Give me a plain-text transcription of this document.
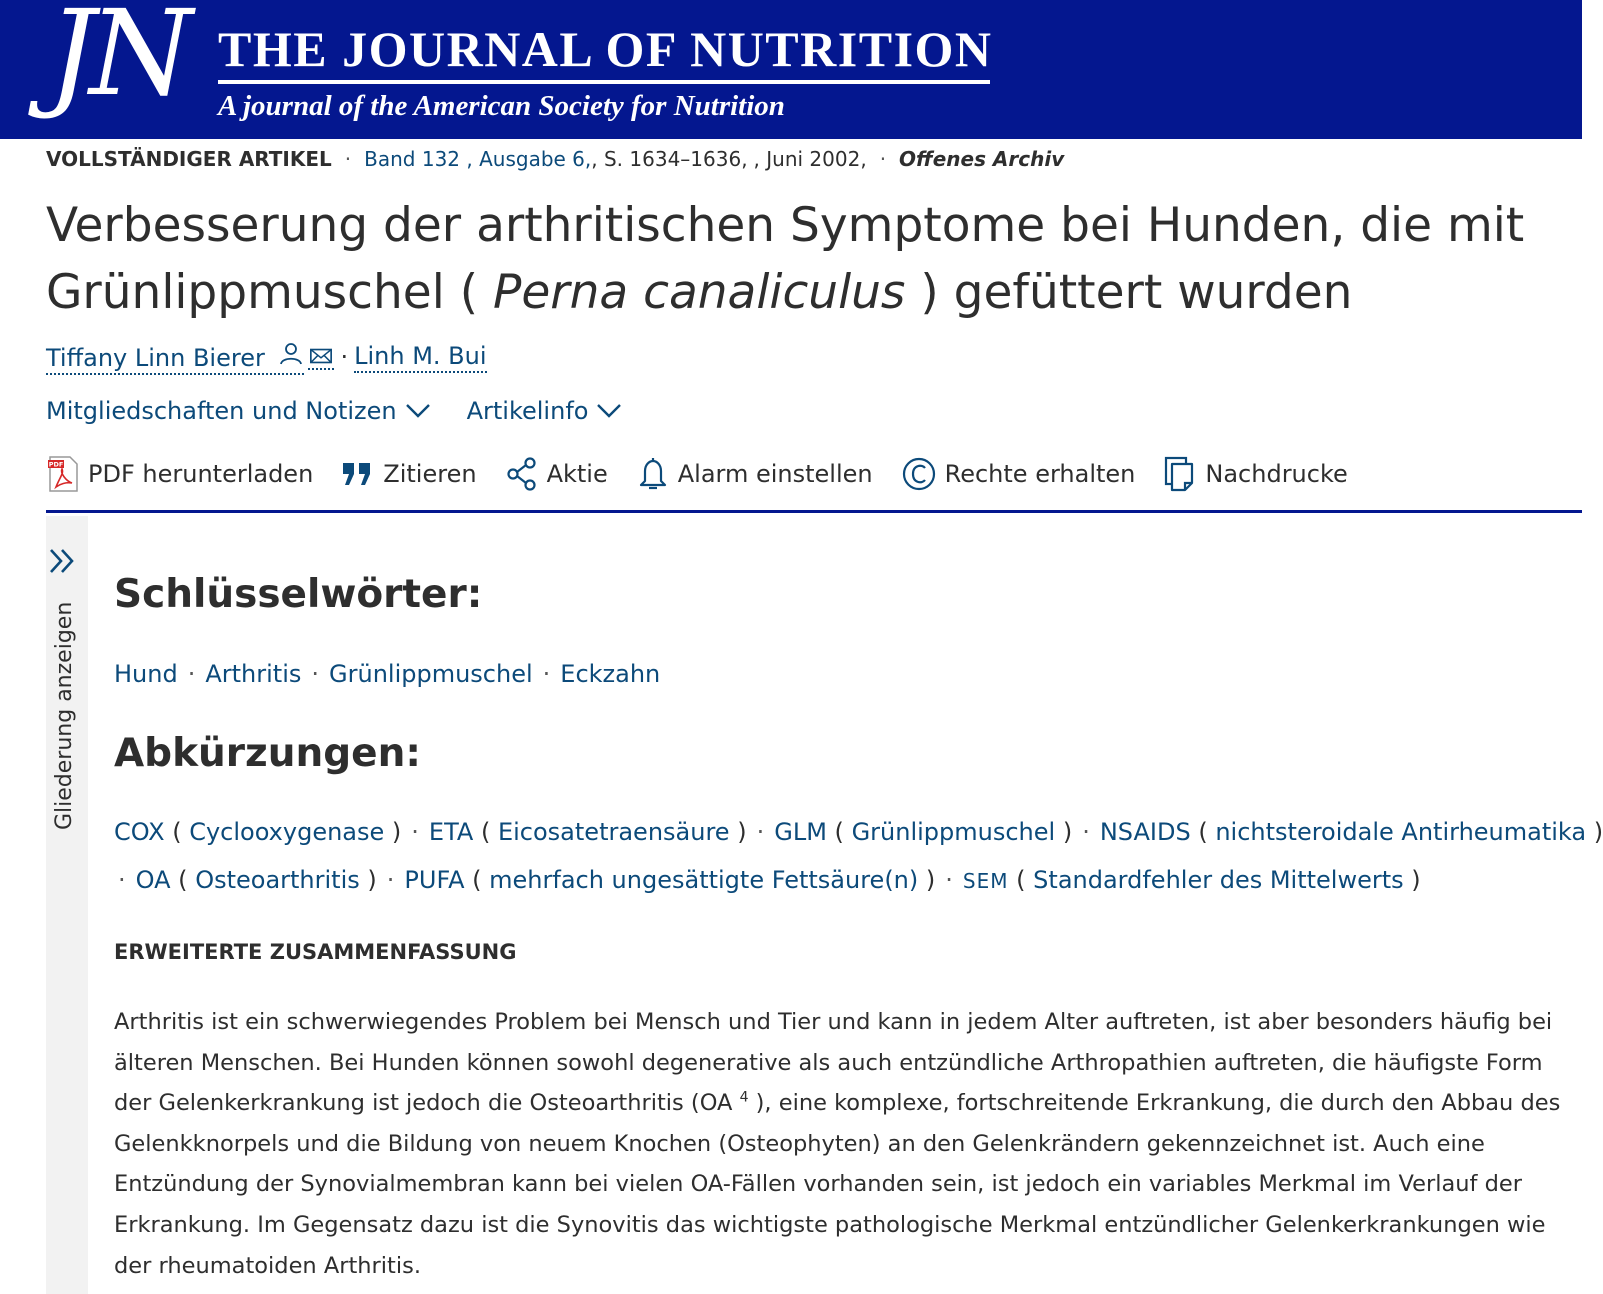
JN THE JOURNAL OF NUTRITION
A journal of the American Society for Nutrition
VOLLSTÄNDIGER ARTIKEL · Band 132 , Ausgabe 6, , S. 1634–1636, , Juni 2002, · Offenes Archiv
Verbesserung der arthritischen Symptome bei Hunden, die mit Grünlippmuschel ( Perna canaliculus ) gefüttert wurden
Tiffany Linn Bierer	· Linh M. Bui
Mitgliedschaften und Notizen	Artikelinfo
PDF PDF herunterladen	Zitieren	Aktie	Alarm einstellen	Rechte erhalten	Nachdrucke
Gliederung anzeigen
Schlüsselwörter:
Hund · Arthritis · Grünlippmuschel · Eckzahn
Abkürzungen:
COX ( Cyclooxygenase ) · ETA ( Eicosatetraensäure ) · GLM ( Grünlippmuschel ) · NSAIDS ( nichtsteroidale Antirheumatika )
· OA ( Osteoarthritis ) · PUFA ( mehrfach ungesättigte Fettsäure(n) ) · SEM ( Standardfehler des Mittelwerts )
ERWEITERTE ZUSAMMENFASSUNG

Arthritis ist ein schwerwiegendes Problem bei Mensch und Tier und kann in jedem Alter auftreten, ist aber besonders häufig bei älteren Menschen. Bei Hunden können sowohl degenerative als auch entzündliche Arthropathien auftreten, die häufigste Form der Gelenkerkrankung ist jedoch die Osteoarthritis (OA $^4$ ), eine komplexe, fortschreitende Erkrankung, die durch den Abbau des Gelenkknorpels und die Bildung von neuem Knochen (Osteophyten) an den Gelenkrändern gekennzeichnet ist. Auch eine Entzündung der Synovialmembran kann bei vielen OA-Fällen vorhanden sein, ist jedoch ein variables Merkmal im Verlauf der Erkrankung. Im Gegensatz dazu ist die Synovitis das wichtigste pathologische Merkmal entzündlicher Gelenkerkrankungen wie der rheumatoiden Arthritis.
